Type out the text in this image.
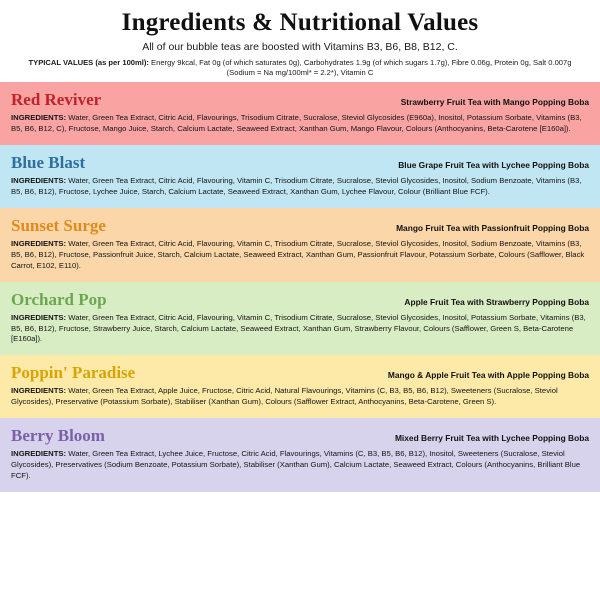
Ingredients & Nutritional Values
All of our bubble teas are boosted with Vitamins B3, B6, B8, B12, C.
TYPICAL VALUES (as per 100ml): Energy 9kcal, Fat 0g (of which saturates 0g), Carbohydrates 1.9g (of which sugars 1.7g), Fibre 0.06g, Protein 0g, Salt 0.007g (Sodium = Na mg/100ml* = 2.2*), Vitamin C
Red Reviver	Strawberry Fruit Tea with Mango Popping Boba
INGREDIENTS: Water, Green Tea Extract, Citric Acid, Flavourings, Trisodium Citrate, Sucralose, Steviol Glycosides (E960a), Inositol, Potassium Sorbate, Vitamins (B3, B5, B6, B12, C), Fructose, Mango Juice, Starch, Calcium Lactate, Seaweed Extract, Xanthan Gum, Mango Flavour, Colours (Anthocyanins, Beta-Carotene [E160a]).
Blue Blast	Blue Grape Fruit Tea with Lychee Popping Boba
INGREDIENTS: Water, Green Tea Extract, Citric Acid, Flavouring, Vitamin C, Trisodium Citrate, Sucralose, Steviol Glycosides, Inositol, Sodium Benzoate, Vitamins (B3, B5, B6, B12), Fructose, Lychee Juice, Starch, Calcium Lactate, Seaweed Extract, Xanthan Gum, Lychee Flavour, Colour (Brilliant Blue FCF).
Sunset Surge	Mango Fruit Tea with Passionfruit Popping Boba
INGREDIENTS: Water, Green Tea Extract, Citric Acid, Flavouring, Vitamin C, Trisodium Citrate, Sucralose, Steviol Glycosides, Inositol, Sodium Benzoate, Vitamins (B3, B5, B6, B12), Fructose, Passionfruit Juice, Starch, Calcium Lactate, Seaweed Extract, Xanthan Gum, Passionfruit Flavour, Potassium Sorbate, Colours (Safflower, Black Carrot, E102, E110).
Orchard Pop	Apple Fruit Tea with Strawberry Popping Boba
INGREDIENTS: Water, Green Tea Extract, Citric Acid, Flavouring, Vitamin C, Trisodium Citrate, Sucralose, Steviol Glycosides, Inositol, Potassium Sorbate, Vitamins (B3, B5, B6, B12), Fructose, Strawberry Juice, Starch, Calcium Lactate, Seaweed Extract, Xanthan Gum, Strawberry Flavour, Colours (Safflower, Green S, Beta-Carotene [E160a]).
Poppin' Paradise	Mango & Apple Fruit Tea with Apple Popping Boba
INGREDIENTS: Water, Green Tea Extract, Apple Juice, Fructose, Citric Acid, Natural Flavourings, Vitamins (C, B3, B5, B6, B12), Sweeteners (Sucralose, Steviol Glycosides), Preservative (Potassium Sorbate), Stabiliser (Xanthan Gum), Colours (Safflower Extract, Anthocyanins, Beta-Carotene, Green S).
Berry Bloom	Mixed Berry Fruit Tea with Lychee Popping Boba
INGREDIENTS: Water, Green Tea Extract, Lychee Juice, Fructose, Citric Acid, Flavourings, Vitamins (C, B3, B5, B6, B12), Inositol, Sweeteners (Sucralose, Steviol Glycosides), Preservatives (Sodium Benzoate, Potassium Sorbate), Stabiliser (Xanthan Gum), Calcium Lactate, Seaweed Extract, Colours (Anthocyanins, Brilliant Blue FCF).
